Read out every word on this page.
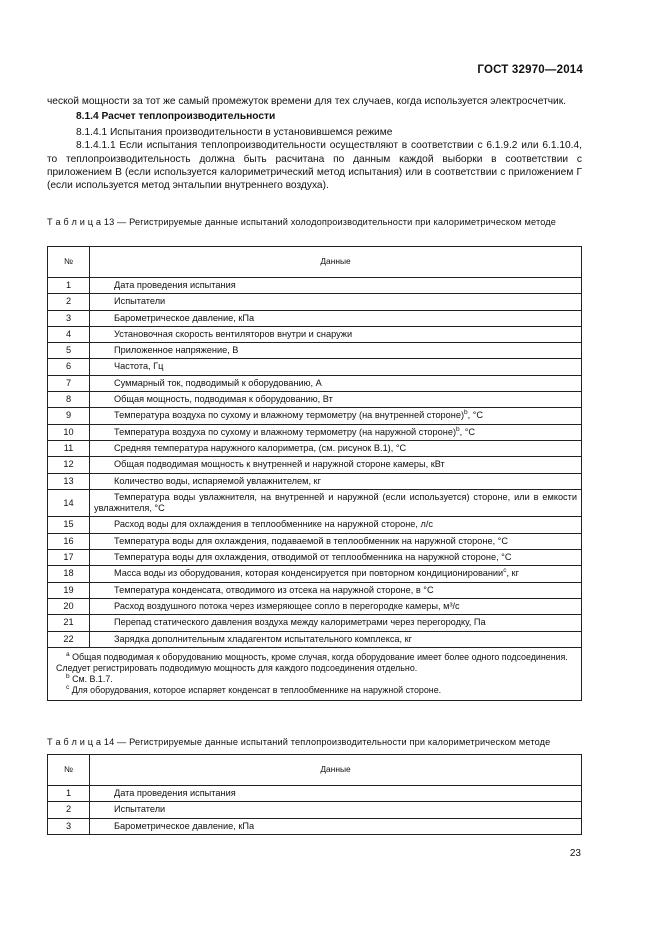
ГОСТ 32970—2014

ческой мощности за тот же самый промежуток времени для тех случаев, когда используется электросчетчик.

8.1.4 Расчет теплопроизводительности

8.1.4.1 Испытания производительности в установившемся режиме

8.1.4.1.1 Если испытания теплопроизводительности осуществляют в соответствии с 6.1.9.2 или 6.1.10.4, то теплопроизводительность должна быть расчитана по данным каждой выборки в соответствии с приложением В (если используется калориметрический метод испытания) или в соответствии с приложением Г (если используется метод энтальпии внутреннего воздуха).

Т а б л и ц а 13 — Регистрируемые данные испытаний холодопроизводительности при калориметрическом методе
№	Данные
1	Дата проведения испытания
2	Испытатели
3	Барометрическое давление, кПа
4	Установочная скорость вентиляторов внутри и снаружи
5	Приложенное напряжение, В
6	Частота, Гц
7	Суммарный ток, подводимый к оборудованию, А
8	Общая мощность, подводимая к оборудованию, Вт
9	Температура воздуха по сухому и влажному термометру (на внутренней стороне)$^b$, °С
10	Температура воздуха по сухому и влажному термометру (на наружной стороне)$^b$, °С
11	Средняя температура наружного калориметра, (см. рисунок В.1), °С
12	Общая подводимая мощность к внутренней и наружной стороне камеры, кВт
13	Количество воды, испаряемой увлажнителем, кг
14	Температура воды увлажнителя, на внутренней и наружной (если используется) стороне, или в емкости увлажнителя, °С
15	Расход воды для охлаждения в теплообменнике на наружной стороне, л/с
16	Температура воды для охлаждения, подаваемой в теплообменник на наружной стороне, °С
17	Температура воды для охлаждения, отводимой от теплообменника на наружной стороне, °С
18	Масса воды из оборудования, которая конденсируется при повторном кондиционировании$^c$, кг
19	Температура конденсата, отводимого из отсека на наружной стороне, в °С
20	Расход воздушного потока через измеряющее сопло в перегородке камеры, м³/с
21	Перепад статического давления воздуха между калориметрами через перегородку, Па
22	Зарядка дополнительным хладагентом испытательного комплекса, кг

$^а$ Общая подводимая к оборудованию мощность, кроме случая, когда оборудование имеет более одного подсоединения. Следует регистрировать подводимую мощность для каждого подсоединения отдельно.
$^b$ См. В.1.7.
$^с$ Для оборудования, которое испаряет конденсат в теплообменнике на наружной стороне.	
Т а б л и ц а 14 — Регистрируемые данные испытаний теплопроизводительности при калориметрическом методе
№	Данные
1	Дата проведения испытания
2	Испытатели
3	Барометрическое давление, кПа
23
